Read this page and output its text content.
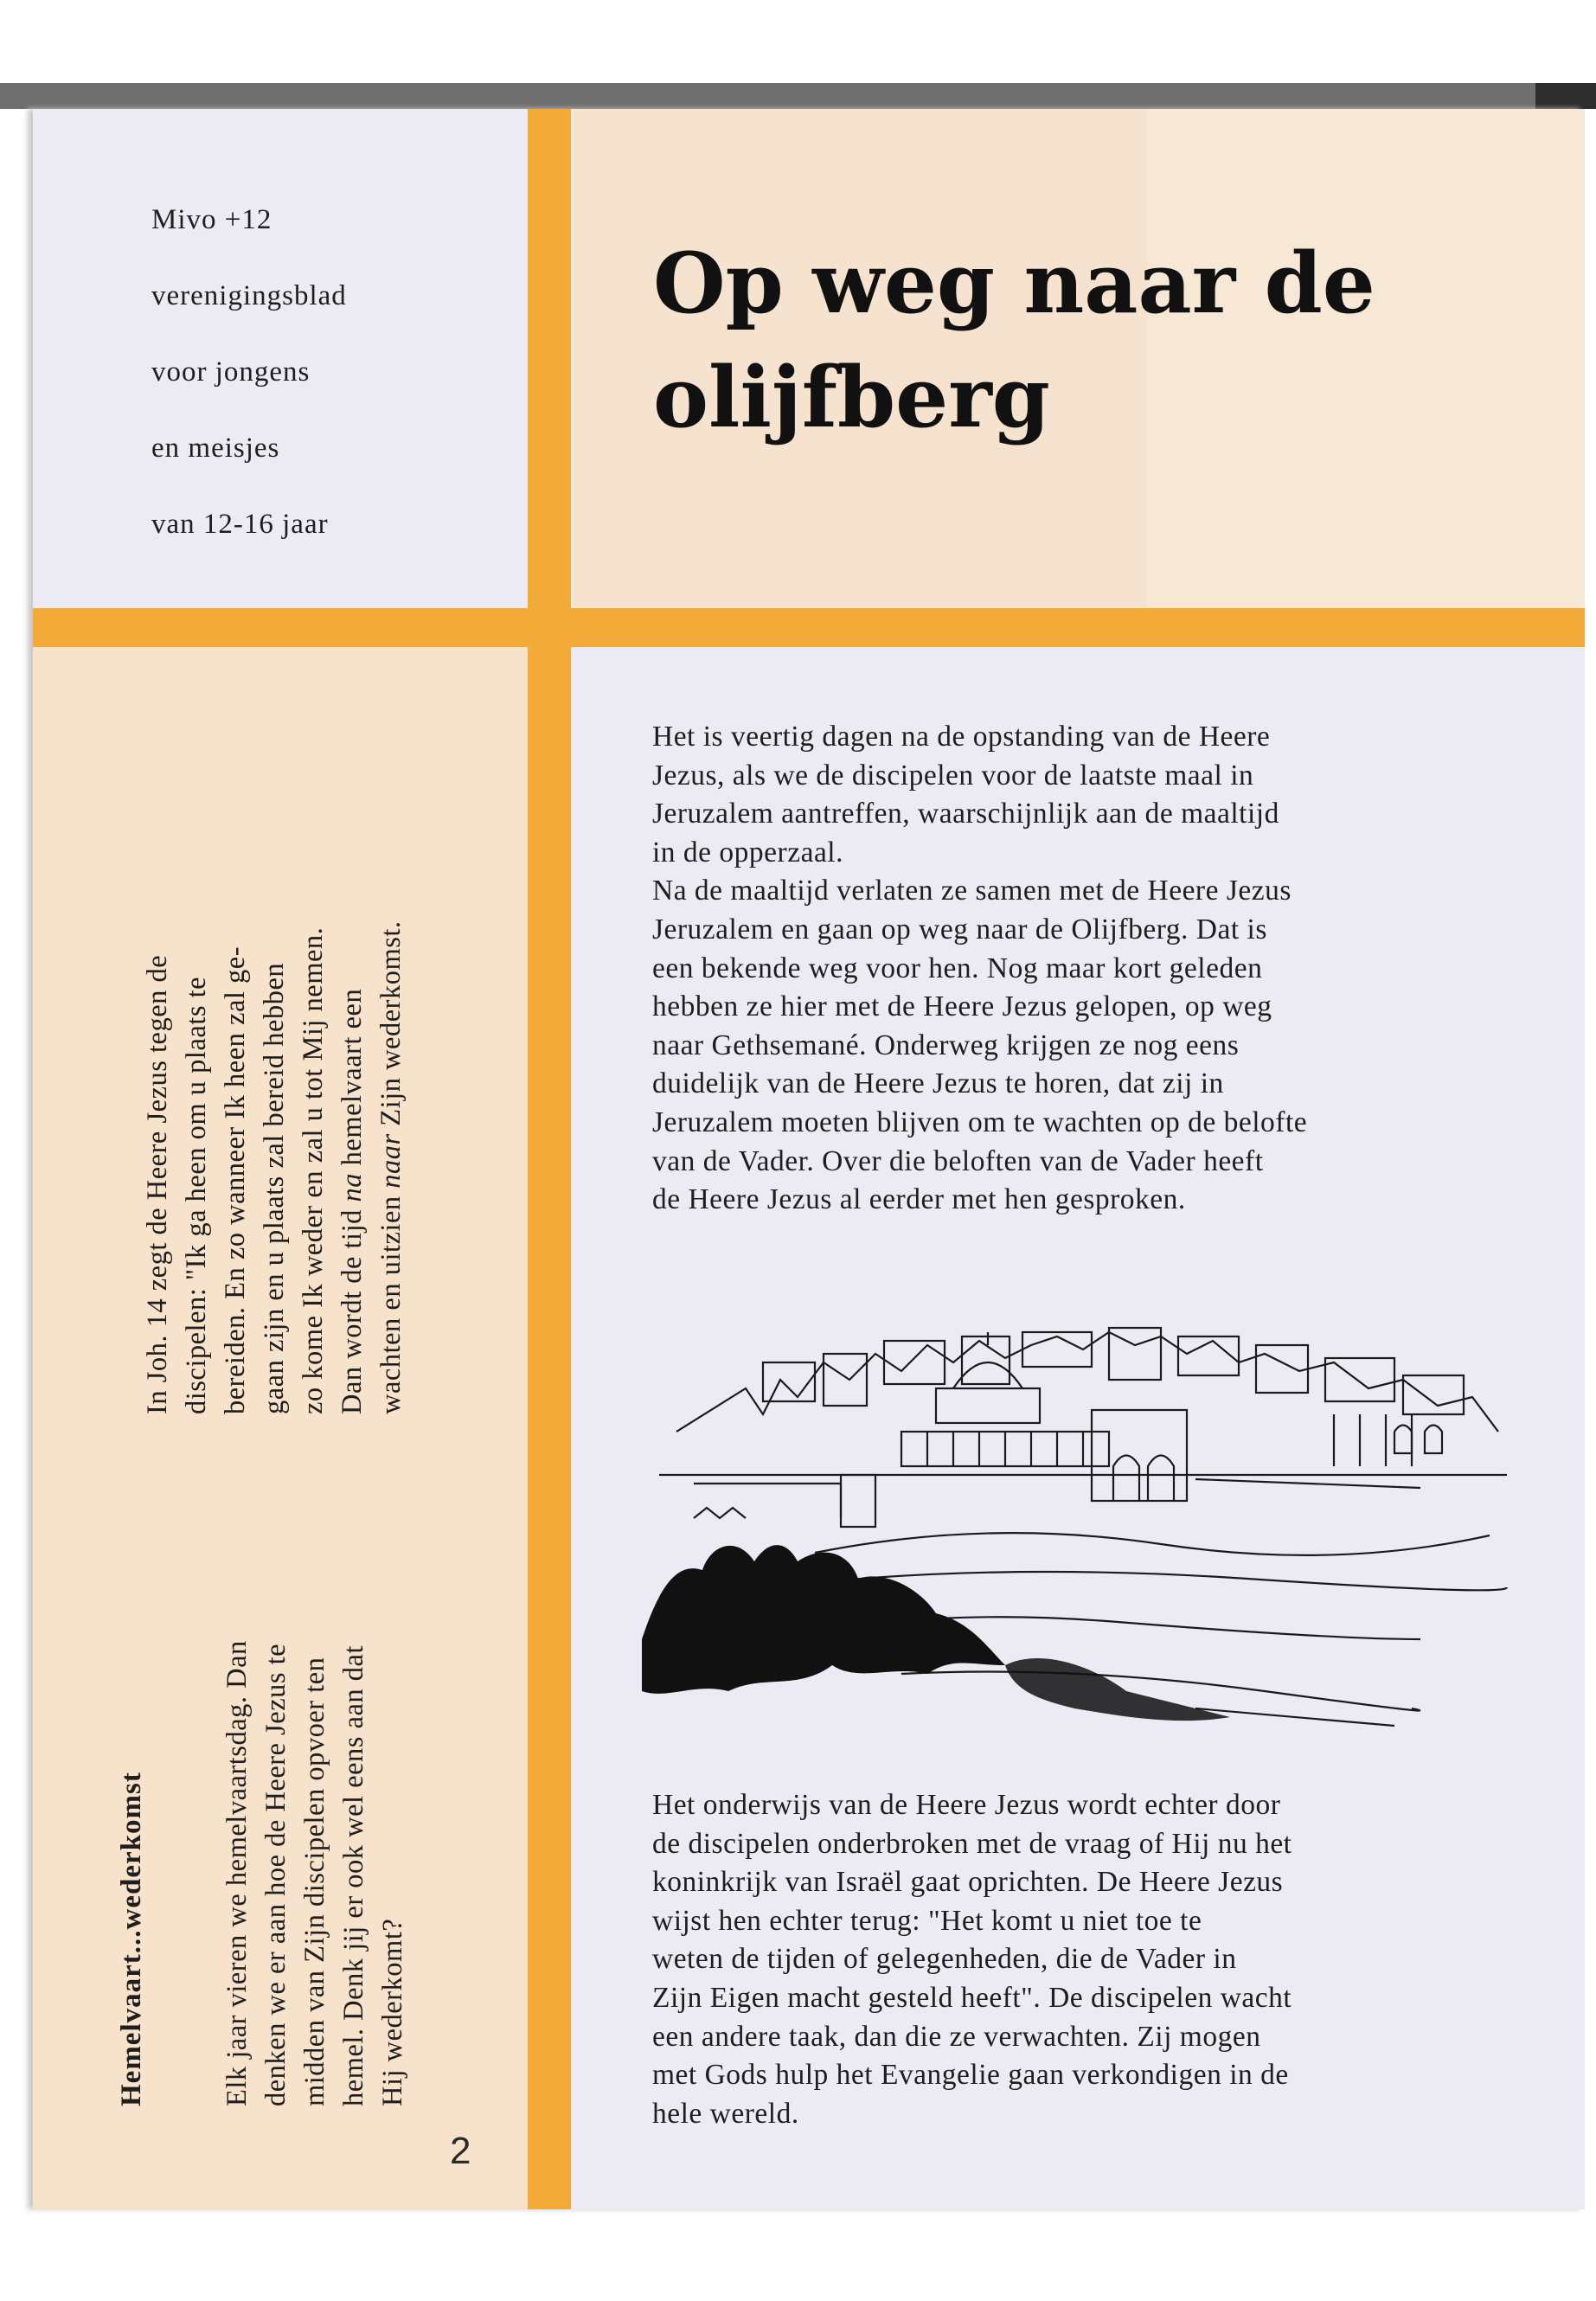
Mivo +12
verenigingsblad
voor jongens
en meisjes
van 12-16 jaar
Op weg naar de
olijfberg

Het is veertig dagen na de opstanding van de Heere

Jezus, als we de discipelen voor de laatste maal in

Jeruzalem aantreffen, waarschijnlijk aan de maaltijd

in de opperzaal.

Na de maaltijd verlaten ze samen met de Heere Jezus

Jeruzalem en gaan op weg naar de Olijfberg. Dat is

een bekende weg voor hen. Nog maar kort geleden

hebben ze hier met de Heere Jezus gelopen, op weg

naar Gethsemané. Onderweg krijgen ze nog eens

duidelijk van de Heere Jezus te horen, dat zij in

Jeruzalem moeten blijven om te wachten op de belofte

van de Vader. Over die beloften van de Vader heeft

de Heere Jezus al eerder met hen gesproken.

Het onderwijs van de Heere Jezus wordt echter door

de discipelen onderbroken met de vraag of Hij nu het

koninkrijk van Israël gaat oprichten. De Heere Jezus

wijst hen echter terug: "Het komt u niet toe te

weten de tijden of gelegenheden, die de Vader in

Zijn Eigen macht gesteld heeft". De discipelen wacht

een andere taak, dan die ze verwachten. Zij mogen

met Gods hulp het Evangelie gaan verkondigen in de

hele wereld.

Hemelvaart...wederkomst	Elk jaar vieren we hemelvaartsdag. Dan denken we er aan hoe de Heere Jezus te midden van Zijn discipelen opvoer ten hemel. Denk jij er ook wel eens aan dat Hij wederkomt?

In Joh. 14 zegt de Heere Jezus tegen de discipelen: "Ik ga heen om u plaats te bereiden. En zo wanneer Ik heen zal ge- gaan zijn en u plaats zal bereid hebben zo kome Ik weder en zal u tot Mij nemen. Dan wordt de tijd na hemelvaart een

wachten en uitzien naar Zijn wederkomst.

2
